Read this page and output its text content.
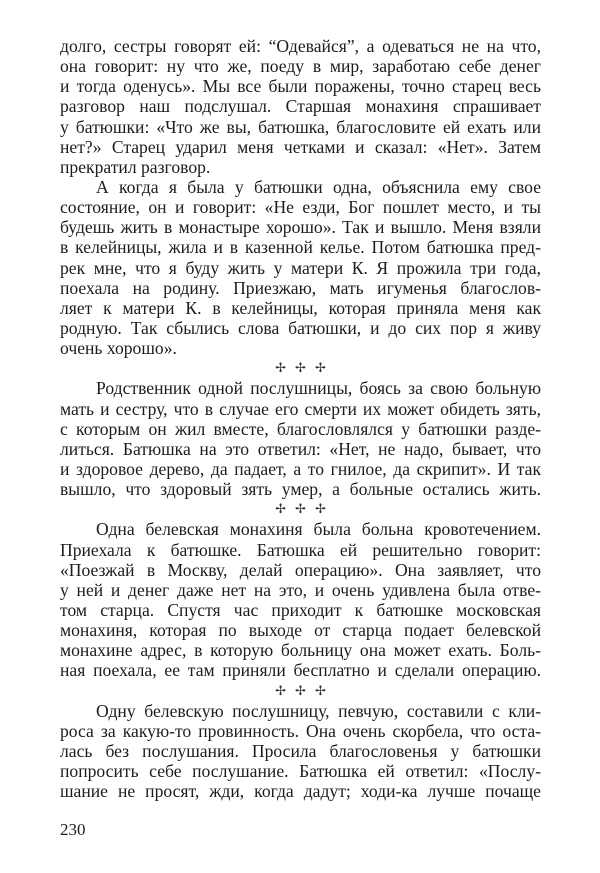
долго, сестры говорят ей: “Одевайся”, а одеваться не на что,
она говорит: ну что же, поеду в мир, заработаю себе денег
и тогда оденусь». Мы все были поражены, точно старец весь
разговор наш подслушал. Старшая монахиня спрашивает
у батюшки: «Что же вы, батюшка, благословите ей ехать или
нет?» Старец ударил меня четками и сказал: «Нет». Затем
прекратил разговор.
А когда я была у батюшки одна, объяснила ему свое
состояние, он и говорит: «Не езди, Бог пошлет место, и ты
будешь жить в монастыре хорошо». Так и вышло. Меня взяли
в келейницы, жила и в казенной келье. Потом батюшка пред-
рек мне, что я буду жить у матери К. Я прожила три года,
поехала на родину. Приезжаю, мать игуменья благослов-
ляет к матери К. в келейницы, которая приняла меня как
родную. Так сбылись слова батюшки, и до сих пор я живу
очень хорошо».
✢✢✢
Родственник одной послушницы, боясь за свою больную
мать и сестру, что в случае его смерти их может обидеть зять,
с которым он жил вместе, благословлялся у батюшки разде-
литься. Батюшка на это ответил: «Нет, не надо, бывает, что
и здоровое дерево, да падает, а то гнилое, да скрипит». И так
вышло, что здоровый зять умер, а больные остались жить.
✢✢✢
Одна белевская монахиня была больна кровотечением.
Приехала к батюшке. Батюшка ей решительно говорит:
«Поезжай в Москву, делай операцию». Она заявляет, что
у ней и денег даже нет на это, и очень удивлена была отве-
том старца. Спустя час приходит к батюшке московская
монахиня, которая по выходе от старца подает белевской
монахине адрес, в которую больницу она может ехать. Боль-
ная поехала, ее там приняли бесплатно и сделали операцию.
✢✢✢
Одну белевскую послушницу, певчую, составили с кли-
роса за какую-то провинность. Она очень скорбела, что оста-
лась без послушания. Просила благословенья у батюшки
попросить себе послушание. Батюшка ей ответил: «Послу-
шание не просят, жди, когда дадут; ходи-ка лучше почаще
230
